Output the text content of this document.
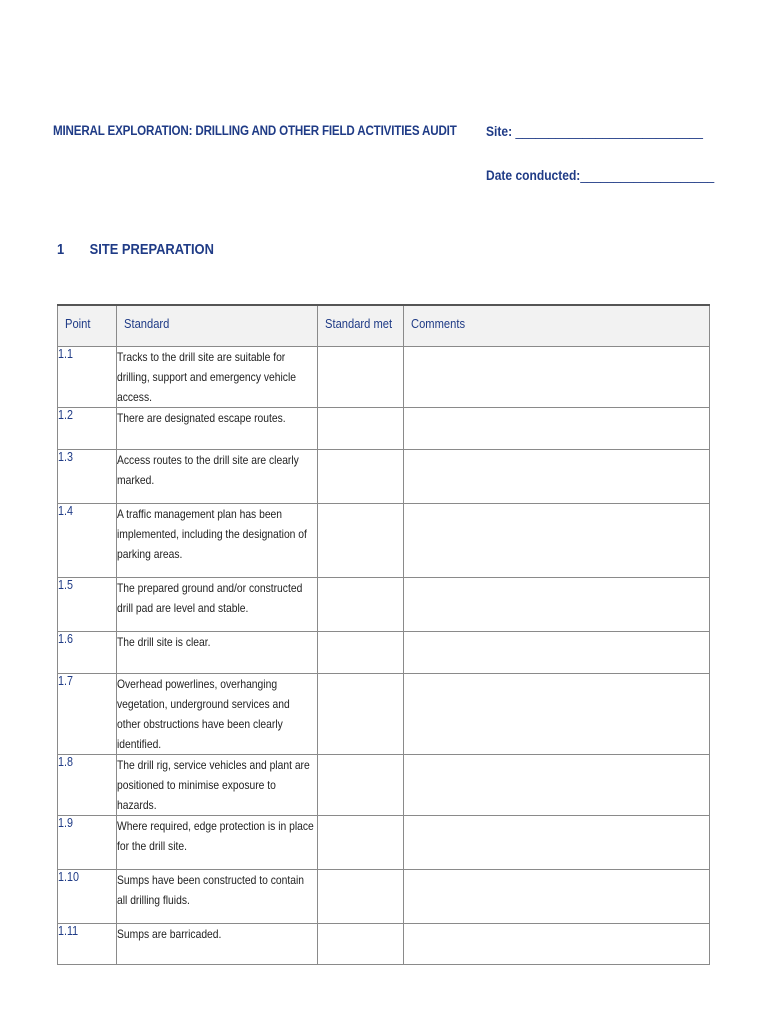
MINERAL EXPLORATION: DRILLING AND OTHER FIELD ACTIVITIES AUDIT Site: ____________________________
Date conducted:____________________
1 SITE PREPARATION
Point	Standard	Standard met	Comments
1.1	Tracks to the drill site are suitable for drilling, support and emergency vehicle access.		
1.2	There are designated escape routes.		
1.3	Access routes to the drill site are clearly marked.		
1.4	A traffic management plan has been implemented, including the designation of parking areas.		
1.5	The prepared ground and/or constructed drill pad are level and stable.		
1.6	The drill site is clear.		
1.7	Overhead powerlines, overhanging vegetation, underground services and other obstructions have been clearly identified.		
1.8	The drill rig, service vehicles and plant are positioned to minimise exposure to hazards.		
1.9	Where required, edge protection is in place for the drill site.		
1.10	Sumps have been constructed to contain all drilling fluids.		
1.11	Sumps are barricaded.		
